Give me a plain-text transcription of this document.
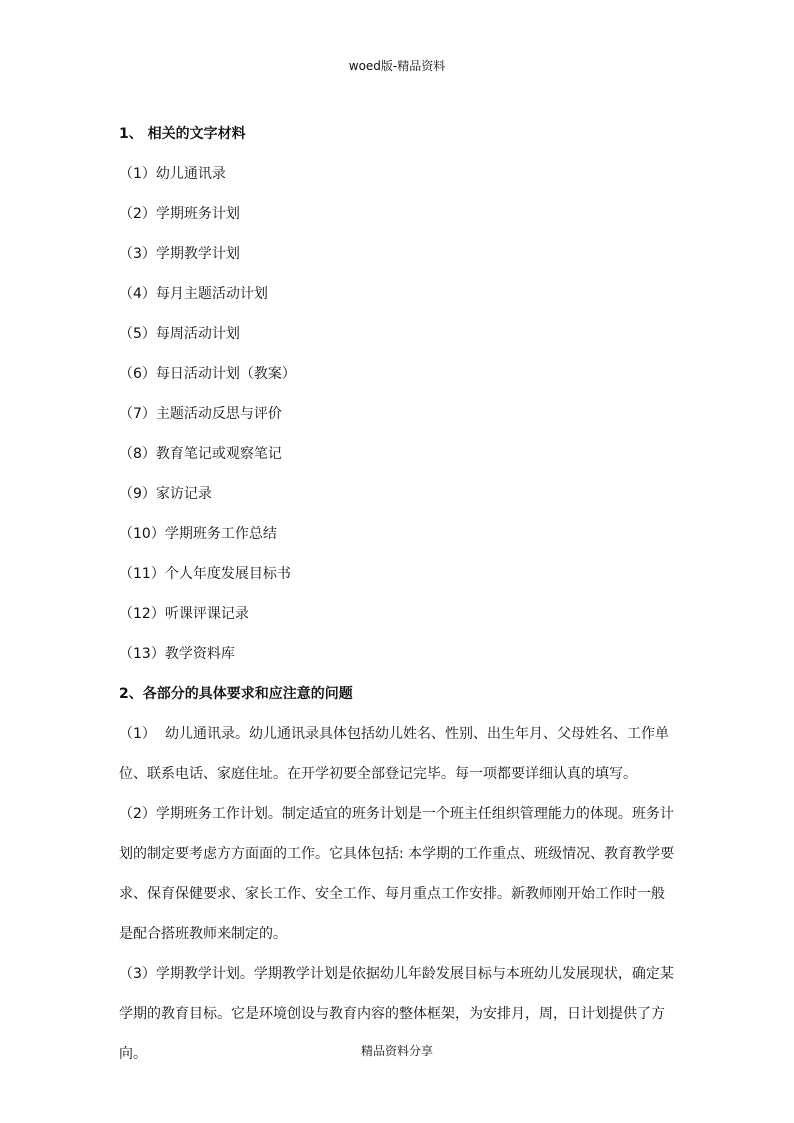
woed版-精品资料
1、 相关的文字材料
（1）幼儿通讯录
（2）学期班务计划
（3）学期教学计划
（4）每月主题活动计划
（5）每周活动计划
（6）每日活动计划（教案）
（7）主题活动反思与评价
（8）教育笔记或观察笔记
（9）家访记录
（10）学期班务工作总结
（11）个人年度发展目标书
（12）听课评课记录
（13）教学资料库
2、各部分的具体要求和应注意的问题

（1） 幼儿通讯录。幼儿通讯录具体包括幼儿姓名、性别、出生年月、父母姓名、工作单位、联系电话、家庭住址。在开学初要全部登记完毕。每一项都要详细认真的填写。

（2）学期班务工作计划。制定适宜的班务计划是一个班主任组织管理能力的体现。班务计划的制定要考虑方方面面的工作。它具体包括: 本学期的工作重点、班级情况、教育教学要求、保育保健要求、家长工作、安全工作、每月重点工作安排。新教师刚开始工作时一般是配合搭班教师来制定的。

（3）学期教学计划。学期教学计划是依据幼儿年龄发展目标与本班幼儿发展现状，确定某学期的教育目标。它是环境创设与教育内容的整体框架，为安排月，周，日计划提供了方向。	精品资料分享
